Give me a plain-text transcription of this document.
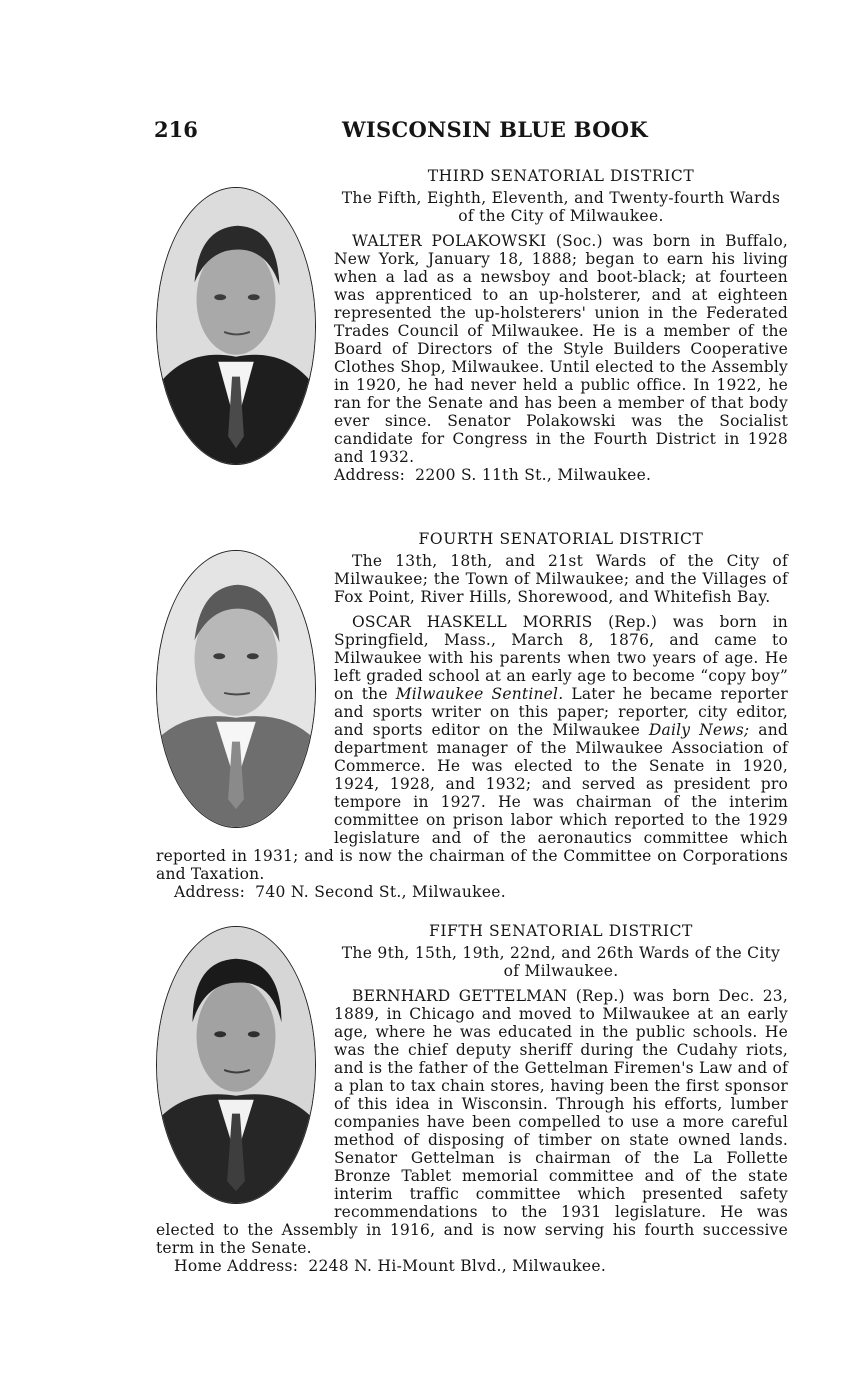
216	WISCONSIN BLUE BOOK
THIRD SENATORIAL DISTRICT
The Fifth, Eighth, Eleventh, and Twenty-fourth Wards of the City of Milwaukee.

WALTER POLAKOWSKI (Soc.) was born in Buffalo, New York, January 18, 1888; began to earn his living when a lad as a newsboy and boot-black; at fourteen was apprenticed to an up-holsterer, and at eighteen represented the up-holsterers' union in the Federated Trades Council of Milwaukee. He is a member of the Board of Directors of the Style Builders Cooperative Clothes Shop, Milwaukee. Until elected to the Assembly in 1920, he had never held a public office. In 1922, he ran for the Senate and has been a member of that body ever since. Senator Polakowski was the Socialist candidate for Congress in the Fourth District in 1928 and 1932.

Address: 2200 S. 11th St., Milwaukee.

FOURTH SENATORIAL DISTRICT
The 13th, 18th, and 21st Wards of the City of Milwaukee; the Town of Milwaukee; and the Villages of Fox Point, River Hills, Shorewood, and Whitefish Bay.

OSCAR HASKELL MORRIS (Rep.) was born in Springfield, Mass., March 8, 1876, and came to Milwaukee with his parents when two years of age. He left graded school at an early age to become “copy boy” on the Milwaukee Sentinel. Later he became reporter and sports writer on this paper; reporter, city editor, and sports editor on the Milwaukee Daily News; and department manager of the Milwaukee Association of Commerce. He was elected to the Senate in 1920, 1924, 1928, and 1932; and served as president pro tempore in 1927. He was chairman of the interim committee on prison labor which reported to the 1929 legislature and of the aeronautics committee which reported in 1931; and is now the chairman of the Committee on Corporations and Taxation.

Address: 740 N. Second St., Milwaukee.

FIFTH SENATORIAL DISTRICT
The 9th, 15th, 19th, 22nd, and 26th Wards of the City of Milwaukee.

BERNHARD GETTELMAN (Rep.) was born Dec. 23, 1889, in Chicago and moved to Milwaukee at an early age, where he was educated in the public schools. He was the chief deputy sheriff during the Cudahy riots, and is the father of the Gettelman Firemen's Law and of a plan to tax chain stores, having been the first sponsor of this idea in Wisconsin. Through his efforts, lumber companies have been compelled to use a more careful method of disposing of timber on state owned lands. Senator Gettelman is chairman of the La Follette Bronze Tablet memorial committee and of the state interim traffic committee which presented safety recommendations to the 1931 legislature. He was elected to the Assembly in 1916, and is now serving his fourth successive term in the Senate.

Home Address: 2248 N. Hi-Mount Blvd., Milwaukee.
